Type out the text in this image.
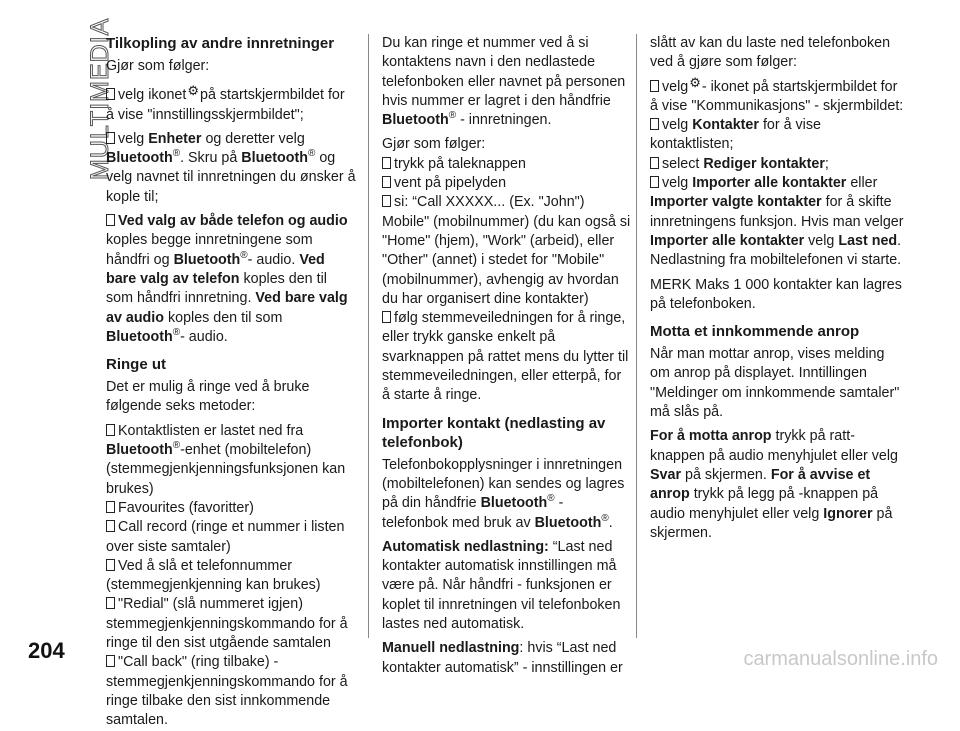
MULTIMEDIA
Tilkopling av andre innretninger

Gjør som følger:

velg ikonet⚙på startskjermbildet for å vise "innstillingsskjermbildet";

velg Enheter og deretter velg Bluetooth®. Skru på Bluetooth® og velg navnet til innretningen du ønsker å kople til;

Ved valg av både telefon og audio koples begge innretningene som håndfri og Bluetooth®- audio. Ved bare valg av telefon koples den til som håndfri innretning. Ved bare valg av audio koples den til som Bluetooth®- audio.

Ringe ut

Det er mulig å ringe ved å bruke følgende seks metoder:

Kontaktlisten er lastet ned fra Bluetooth®-enhet (mobiltelefon) (stemmegjenkjenningsfunksjonen kan brukes)

Favourites (favoritter)

Call record (ringe et nummer i listen over siste samtaler)

Ved å slå et telefonnummer (stemmegjenkjenning kan brukes)

"Redial" (slå nummeret igjen) stemmegjenkjenningskommando for å ringe til den sist utgående samtalen

"Call back" (ring tilbake) - stemmegjenkjenningskommando for å ringe tilbake den sist innkommende samtalen.

Du kan ringe et nummer ved å si kontaktens navn i den nedlastede telefonboken eller navnet på personen hvis nummer er lagret i den håndfrie Bluetooth® - innretningen.

Gjør som følger:

trykk på taleknappen

vent på pipelyden

si: “Call XXXXX... (Ex. "John") Mobile" (mobilnummer) (du kan også si "Home" (hjem), "Work" (arbeid), eller "Other" (annet) i stedet for "Mobile" (mobilnummer), avhengig av hvordan du har organisert dine kontakter)

følg stemmeveiledningen for å ringe, eller trykk ganske enkelt på svarknappen på rattet mens du lytter til stemmeveiledningen, eller etterpå, for å starte å ringe.

Importer kontakt (nedlasting av telefonbok)

Telefonbokopplysninger i innretningen (mobiltelefonen) kan sendes og lagres på din håndfrie Bluetooth® - telefonbok med bruk av Bluetooth®.

Automatisk nedlastning: “Last ned kontakter automatisk innstillingen må være på. Når håndfri - funksjonen er koplet til innretningen vil telefonboken lastes ned automatisk.

Manuell nedlastning: hvis “Last ned kontakter automatisk” - innstillingen er

slått av kan du laste ned telefonboken ved å gjøre som følger:

velg⚙- ikonet på startskjermbildet for å vise "Kommunikasjons" - skjermbildet:

velg Kontakter for å vise kontaktlisten;

select Rediger kontakter;

velg Importer alle kontakter eller Importer valgte kontakter for å skifte innretningens funksjon. Hvis man velger Importer alle kontakter velg Last ned. Nedlastning fra mobiltelefonen vi starte.

MERK Maks 1 000 kontakter kan lagres på telefonboken.

Motta et innkommende anrop

Når man mottar anrop, vises melding om anrop på displayet. Inntillingen "Meldinger om innkommende samtaler" må slås på.

For å motta anrop trykk på ratt-knappen på audio menyhjulet eller velg Svar på skjermen. For å avvise et anrop trykk på legg på -knappen på audio menyhjulet eller velg Ignorer på skjermen.

204	carmanualsonline.info
